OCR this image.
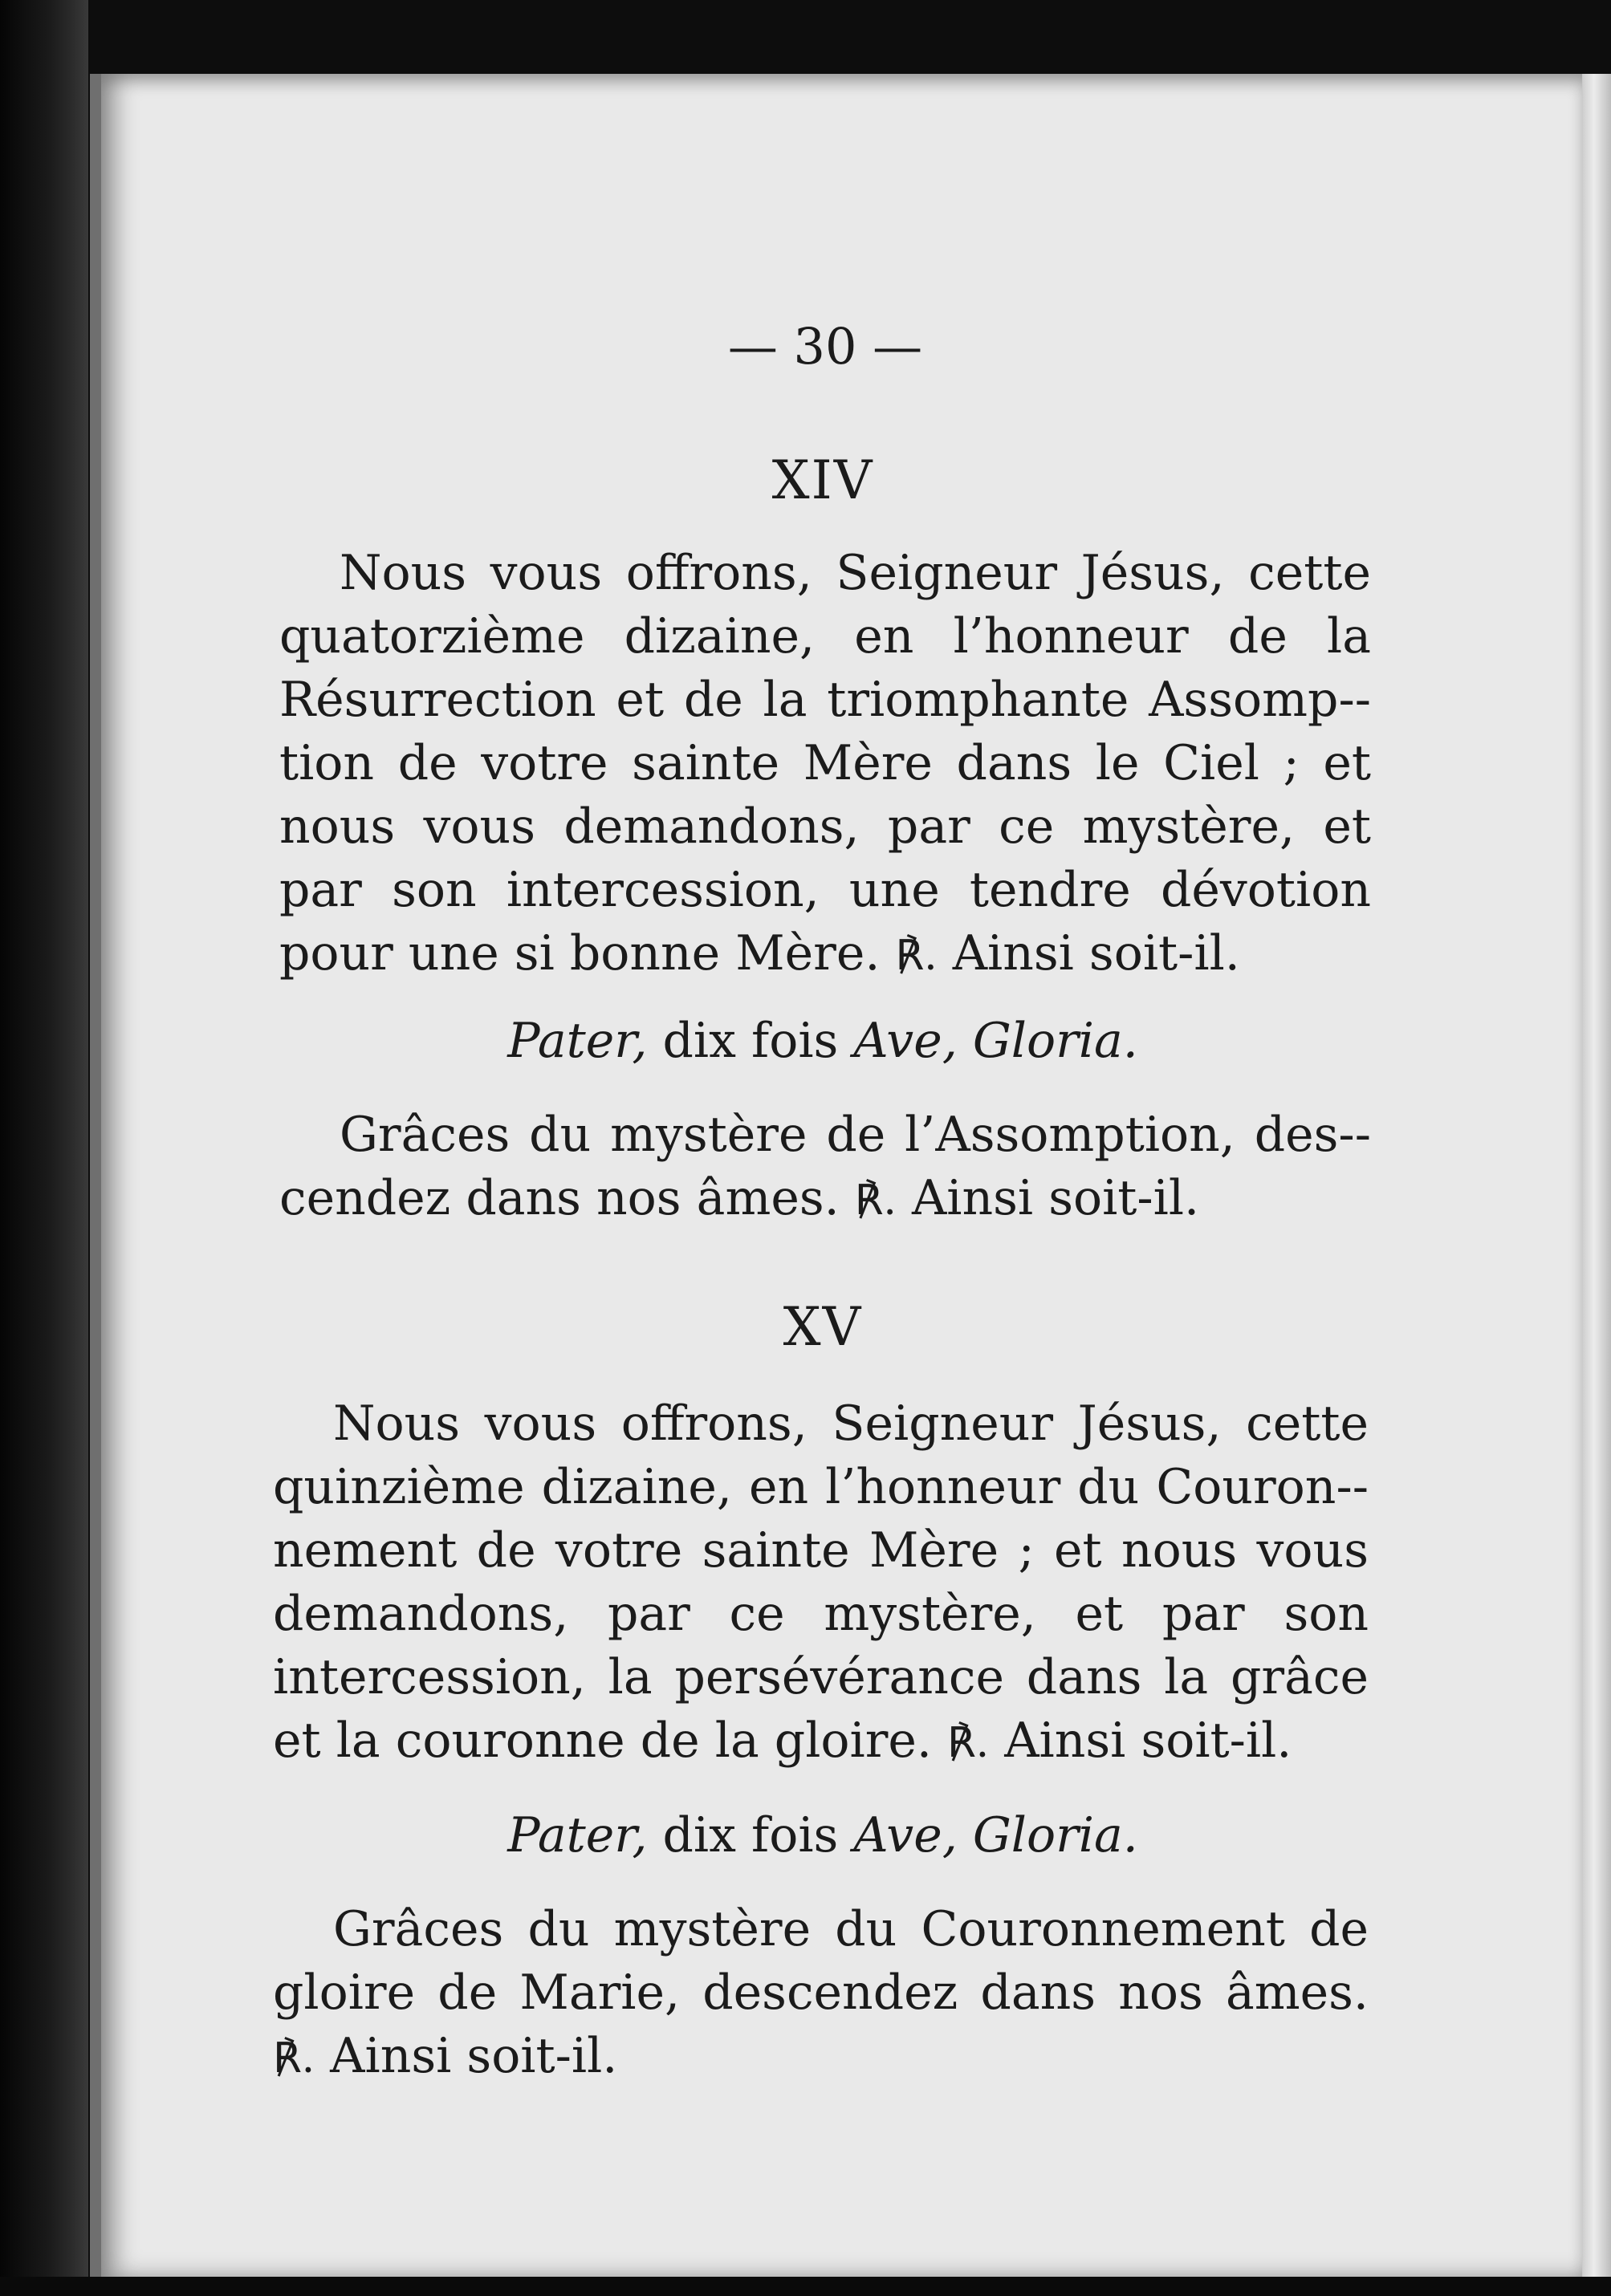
— 30 —
XIV
Nous vous offrons, Seigneur Jésus, cette quatorzième dizaine, en l’honneur de la Résurrection et de la triomphante Assomp-tion de votre sainte Mère dans le Ciel ; et nous vous demandons, par ce mystère, et par son intercession, une tendre dévotion pour une si bonne Mère. ℟. Ainsi soit-il.
Pater, dix fois Ave, Gloria.
Grâces du mystère de l’Assomption, des-cendez dans nos âmes. ℟. Ainsi soit-il.
XV
Nous vous offrons, Seigneur Jésus, cette quinzième dizaine, en l’honneur du Couron-nement de votre sainte Mère ; et nous vous demandons, par ce mystère, et par son intercession, la persévérance dans la grâce et la couronne de la gloire. ℟. Ainsi soit-il.
Pater, dix fois Ave, Gloria.
Grâces du mystère du Couronnement de gloire de Marie, descendez dans nos âmes. ℟. Ainsi soit-il.
